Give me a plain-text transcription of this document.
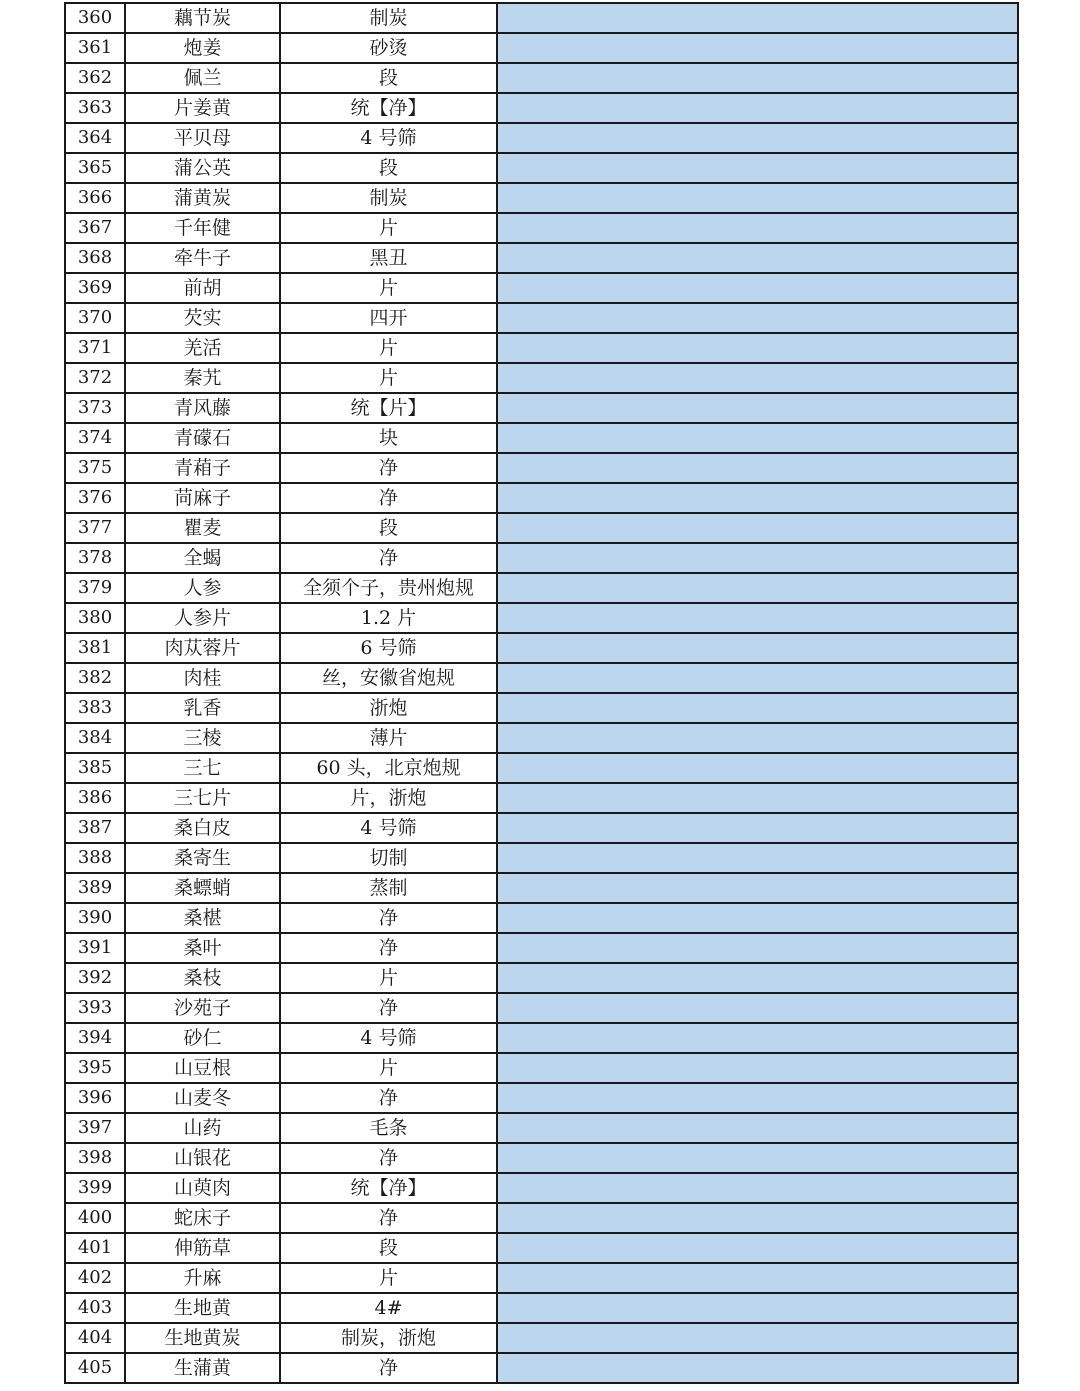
360	藕节炭	制炭	
361	炮姜	砂烫	
362	佩兰	段	
363	片姜黄	统【净】	
364	平贝母	4 号筛	
365	蒲公英	段	
366	蒲黄炭	制炭	
367	千年健	片	
368	牵牛子	黑丑	
369	前胡	片	
370	芡实	四开	
371	羌活	片	
372	秦艽	片	
373	青风藤	统【片】	
374	青礞石	块	
375	青葙子	净	
376	苘麻子	净	
377	瞿麦	段	
378	全蝎	净	
379	人参	全须个子，贵州炮规	
380	人参片	1.2 片	
381	肉苁蓉片	6 号筛	
382	肉桂	丝，安徽省炮规	
383	乳香	浙炮	
384	三棱	薄片	
385	三七	60 头，北京炮规	
386	三七片	片，浙炮	
387	桑白皮	4 号筛	
388	桑寄生	切制	
389	桑螵蛸	蒸制	
390	桑椹	净	
391	桑叶	净	
392	桑枝	片	
393	沙苑子	净	
394	砂仁	4 号筛	
395	山豆根	片	
396	山麦冬	净	
397	山药	毛条	
398	山银花	净	
399	山萸肉	统【净】	
400	蛇床子	净	
401	伸筋草	段	
402	升麻	片	
403	生地黄	4#	
404	生地黄炭	制炭，浙炮	
405	生蒲黄	净	
